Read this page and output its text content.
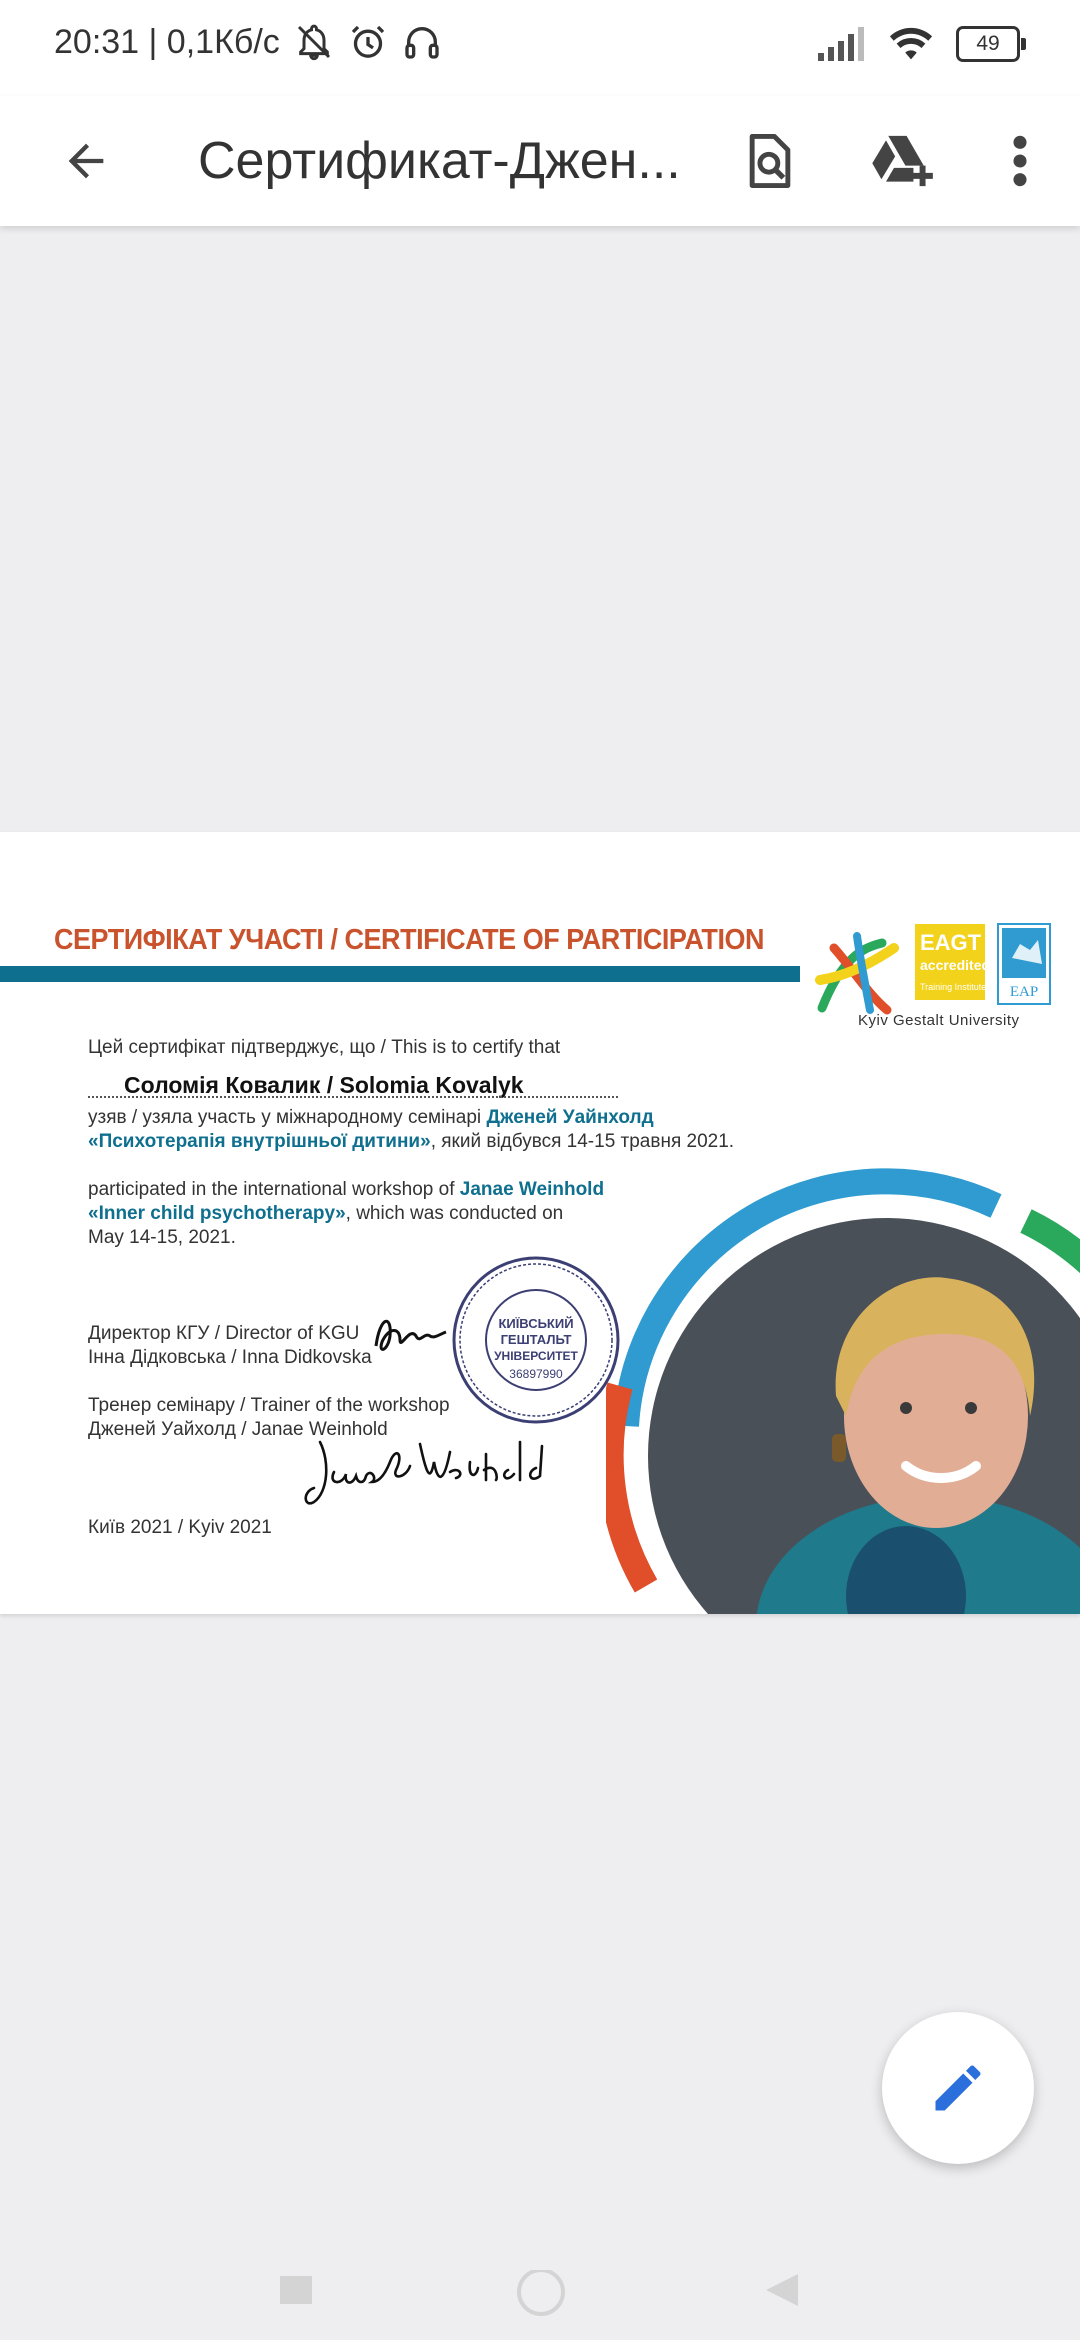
20:31 | 0,1Кб/с	49
Сертификат-Джен...
СЕРТИФІКАТ УЧАСТІ / CERTIFICATE OF PARTICIPATION	EAGT
accredited
Training Institute EAP
Kyiv Gestalt University
Цей сертифікат підтверджує, що / This is to certify that
Соломія Ковалик / Solomia Kovalyk
узяв / узяла участь у міжнародному семінарі Дженей Уайнхолд
«Психотерапія внутрішньої дитини», який відбувся 14-15 травня 2021.
participated in the international workshop of Janae Weinhold
«Inner child psychotherapy», which was conducted on
May 14-15, 2021.
Директор КГУ / Director of KGU
Інна Дідковська / Inna Didkovska
Тренер семінару / Trainer of the workshop
Дженей Уайхолд / Janae Weinhold
Київ 2021 / Kyiv 2021
КИЇВСЬКИЙ
ГЕШТАЛЬТ
УНІВЕРСИТЕТ
36897990
